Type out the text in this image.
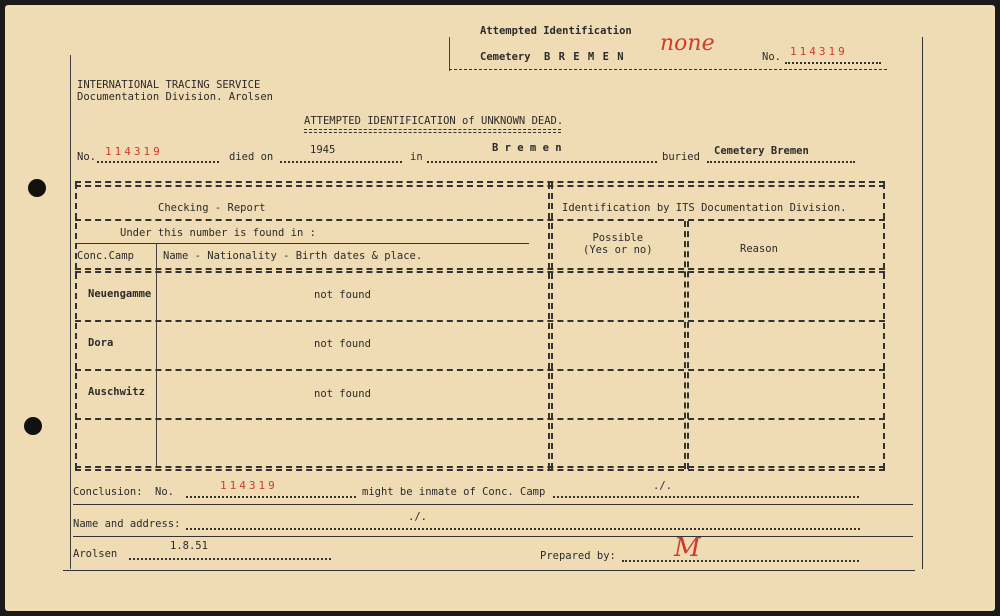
Attempted Identification
Cemetery B R E M E N
none
No. 114319
INTERNATIONAL TRACING SERVICE
Documentation Division. Arolsen
ATTEMPTED IDENTIFICATION of UNKNOWN DEAD.
No. 114319	died on
1945
in
B r e m e n
buried Cemetery Bremen
Checking - Report	Identification by ITS Documentation Division.
Under this number is found in :
Conc.Camp	Name - Nationality - Birth dates & place.
Possible
(Yes or no)	Reason
Neuengamme	not found
Dora	not found
Auschwitz	not found
Conclusion: No.	114319	might be inmate of Conc. Camp	./.
Name and address:
./.
Arolsen
1.8.51
Prepared by: M
